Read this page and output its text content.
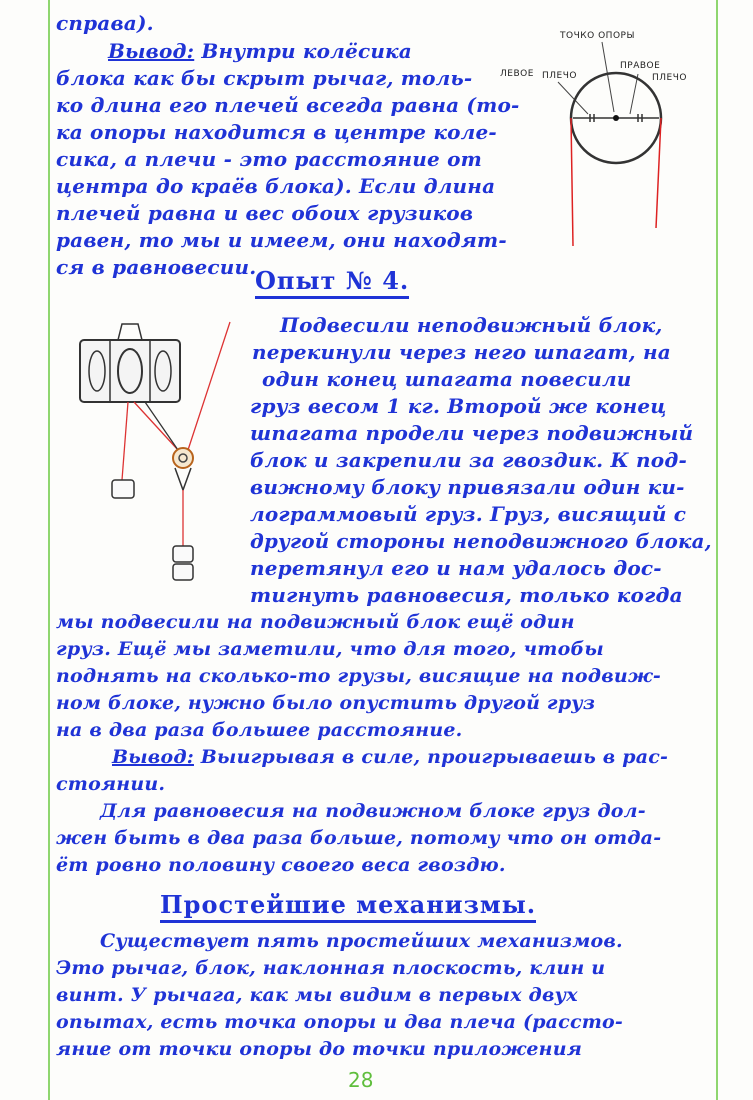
справа).
Вывод: Внутри колёсика
блока как бы скрыт рычаг, толь-
ко длина его плечей всегда равна (то-
ка опоры находится в центре коле-
сика, а плечи - это расстояние от
центра до краёв блока). Если длина
плечей равна и вес обоих грузиков
равен, то мы и имеем, они находят-
ся в равновесии.
ТОЧКО ОПОРЫ
ЛЕВОЕ ПЛЕЧО
ПРАВОЕ
ПЛЕЧО
Опыт № 4.
Подвесили неподвижный блок,
перекинули через него шпагат, на
один конец шпагата повесили
груз весом 1 кг. Второй же конец
шпагата продели через подвижный
блок и закрепили за гвоздик. К под-
вижному блоку привязали один ки-
лограммовый груз. Груз, висящий с
другой стороны неподвижного блока,
перетянул его и нам удалось дос-
тигнуть равновесия, только когда
мы подвесили на подвижный блок ещё один
груз. Ещё мы заметили, что для того, чтобы
поднять на сколько-то грузы, висящие на подвиж-
ном блоке, нужно было опустить другой груз
на в два раза большее расстояние.
Вывод: Выигрывая в силе, проигрываешь в рас-
стоянии.
Для равновесия на подвижном блоке груз дол-
жен быть в два раза больше, потому что он отда-
ёт ровно половину своего веса гвоздю.
Простейшие механизмы.
Существует пять простейших механизмов.
Это рычаг, блок, наклонная плоскость, клин и
винт. У рычага, как мы видим в первых двух
опытах, есть точка опоры и два плеча (рассто-
яние от точки опоры до точки приложения
28
